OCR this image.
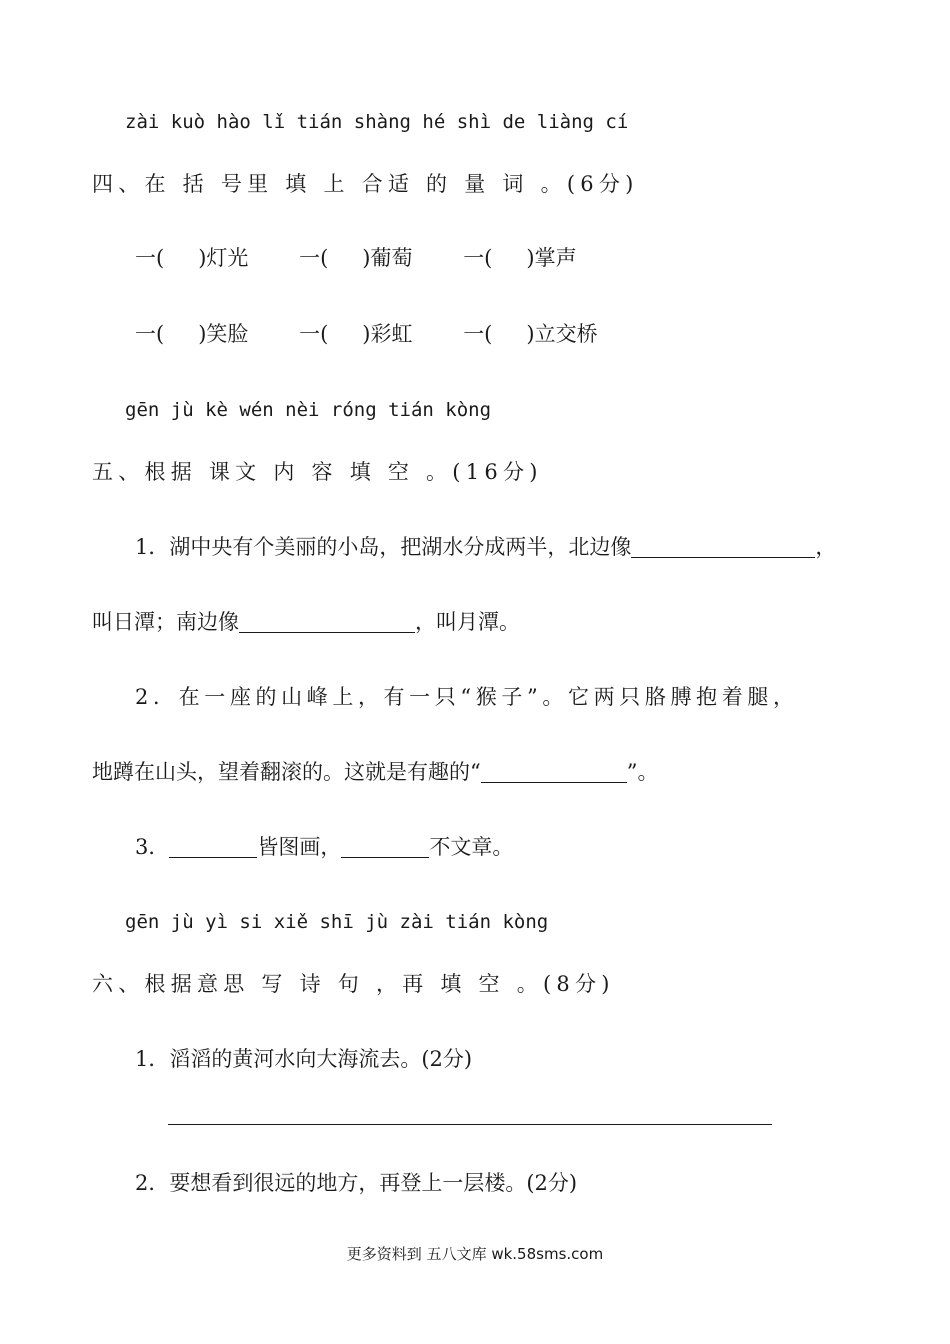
zài kuò hào lǐ tián shàng hé shì de liàng cí
四、在 括 号里 填 上 合适 的 量 词 。(6分)
一( )灯光 一( )葡萄 一( )掌声
一( )笑脸 一( )彩虹 一( )立交桥
gēn jù kè wén nèi róng tián kòng
五、根据 课文 内 容 填 空 。(16分)
1．湖中央有个美丽的小岛，把湖水分成两半，北边像	，
叫日潭；南边像	，叫月潭。
2．在一座的山峰上，有一只“猴子”。它两只胳膊抱着腿，
地蹲在山头，望着翻滚的。这就是有趣的“	”。
3．	皆图画，	不文章。
gēn jù yì si xiě shī jù zài tián kòng
六、根据意思 写 诗 句 ，再 填 空 。(8分)
1．滔滔的黄河水向大海流去。(2分)
2．要想看到很远的地方，再登上一层楼。(2分)
更多资料到 五八文库 wk.58sms.com
